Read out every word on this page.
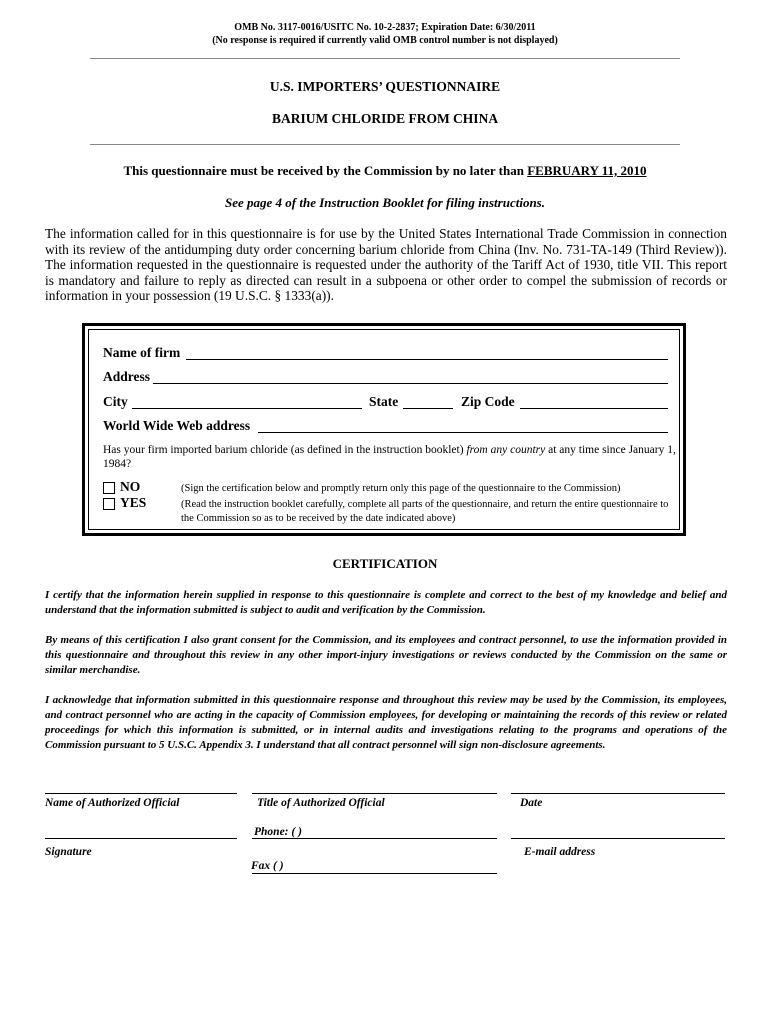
OMB No. 3117-0016/USITC No. 10-2-2837; Expiration Date: 6/30/2011
(No response is required if currently valid OMB control number is not displayed)
U.S. IMPORTERS’ QUESTIONNAIRE
BARIUM CHLORIDE FROM CHINA
This questionnaire must be received by the Commission by no later than FEBRUARY 11, 2010
See page 4 of the Instruction Booklet for filing instructions.
The information called for in this questionnaire is for use by the United States International Trade Commission in connection with its review of the antidumping duty order concerning barium chloride from China (Inv. No. 731-TA-149 (Third Review)). The information requested in the questionnaire is requested under the authority of the Tariff Act of 1930, title VII. This report is mandatory and failure to reply as directed can result in a subpoena or other order to compel the submission of records or information in your possession (19 U.S.C. § 1333(a)).
Name of firm
Address
City	State	Zip Code
World Wide Web address
Has your firm imported barium chloride (as defined in the instruction booklet) from any country at any time since January 1, 1984?
NO	(Sign the certification below and promptly return only this page of the questionnaire to the Commission)
YES	(Read the instruction booklet carefully, complete all parts of the questionnaire, and return the entire questionnaire to the Commission so as to be received by the date indicated above)
CERTIFICATION
I certify that the information herein supplied in response to this questionnaire is complete and correct to the best of my knowledge and belief and understand that the information submitted is subject to audit and verification by the Commission.
By means of this certification I also grant consent for the Commission, and its employees and contract personnel, to use the information provided in this questionnaire and throughout this review in any other import-injury investigations or reviews conducted by the Commission on the same or similar merchandise.
I acknowledge that information submitted in this questionnaire response and throughout this review may be used by the Commission, its employees, and contract personnel who are acting in the capacity of Commission employees, for developing or maintaining the records of this review or related proceedings for which this information is submitted, or in internal audits and investigations relating to the programs and operations of the Commission pursuant to 5 U.S.C. Appendix 3. I understand that all contract personnel will sign non-disclosure agreements.
Name of Authorized Official	Title of Authorized Official	Date
Phone: ( )
Signature	E-mail address
Fax ( )
